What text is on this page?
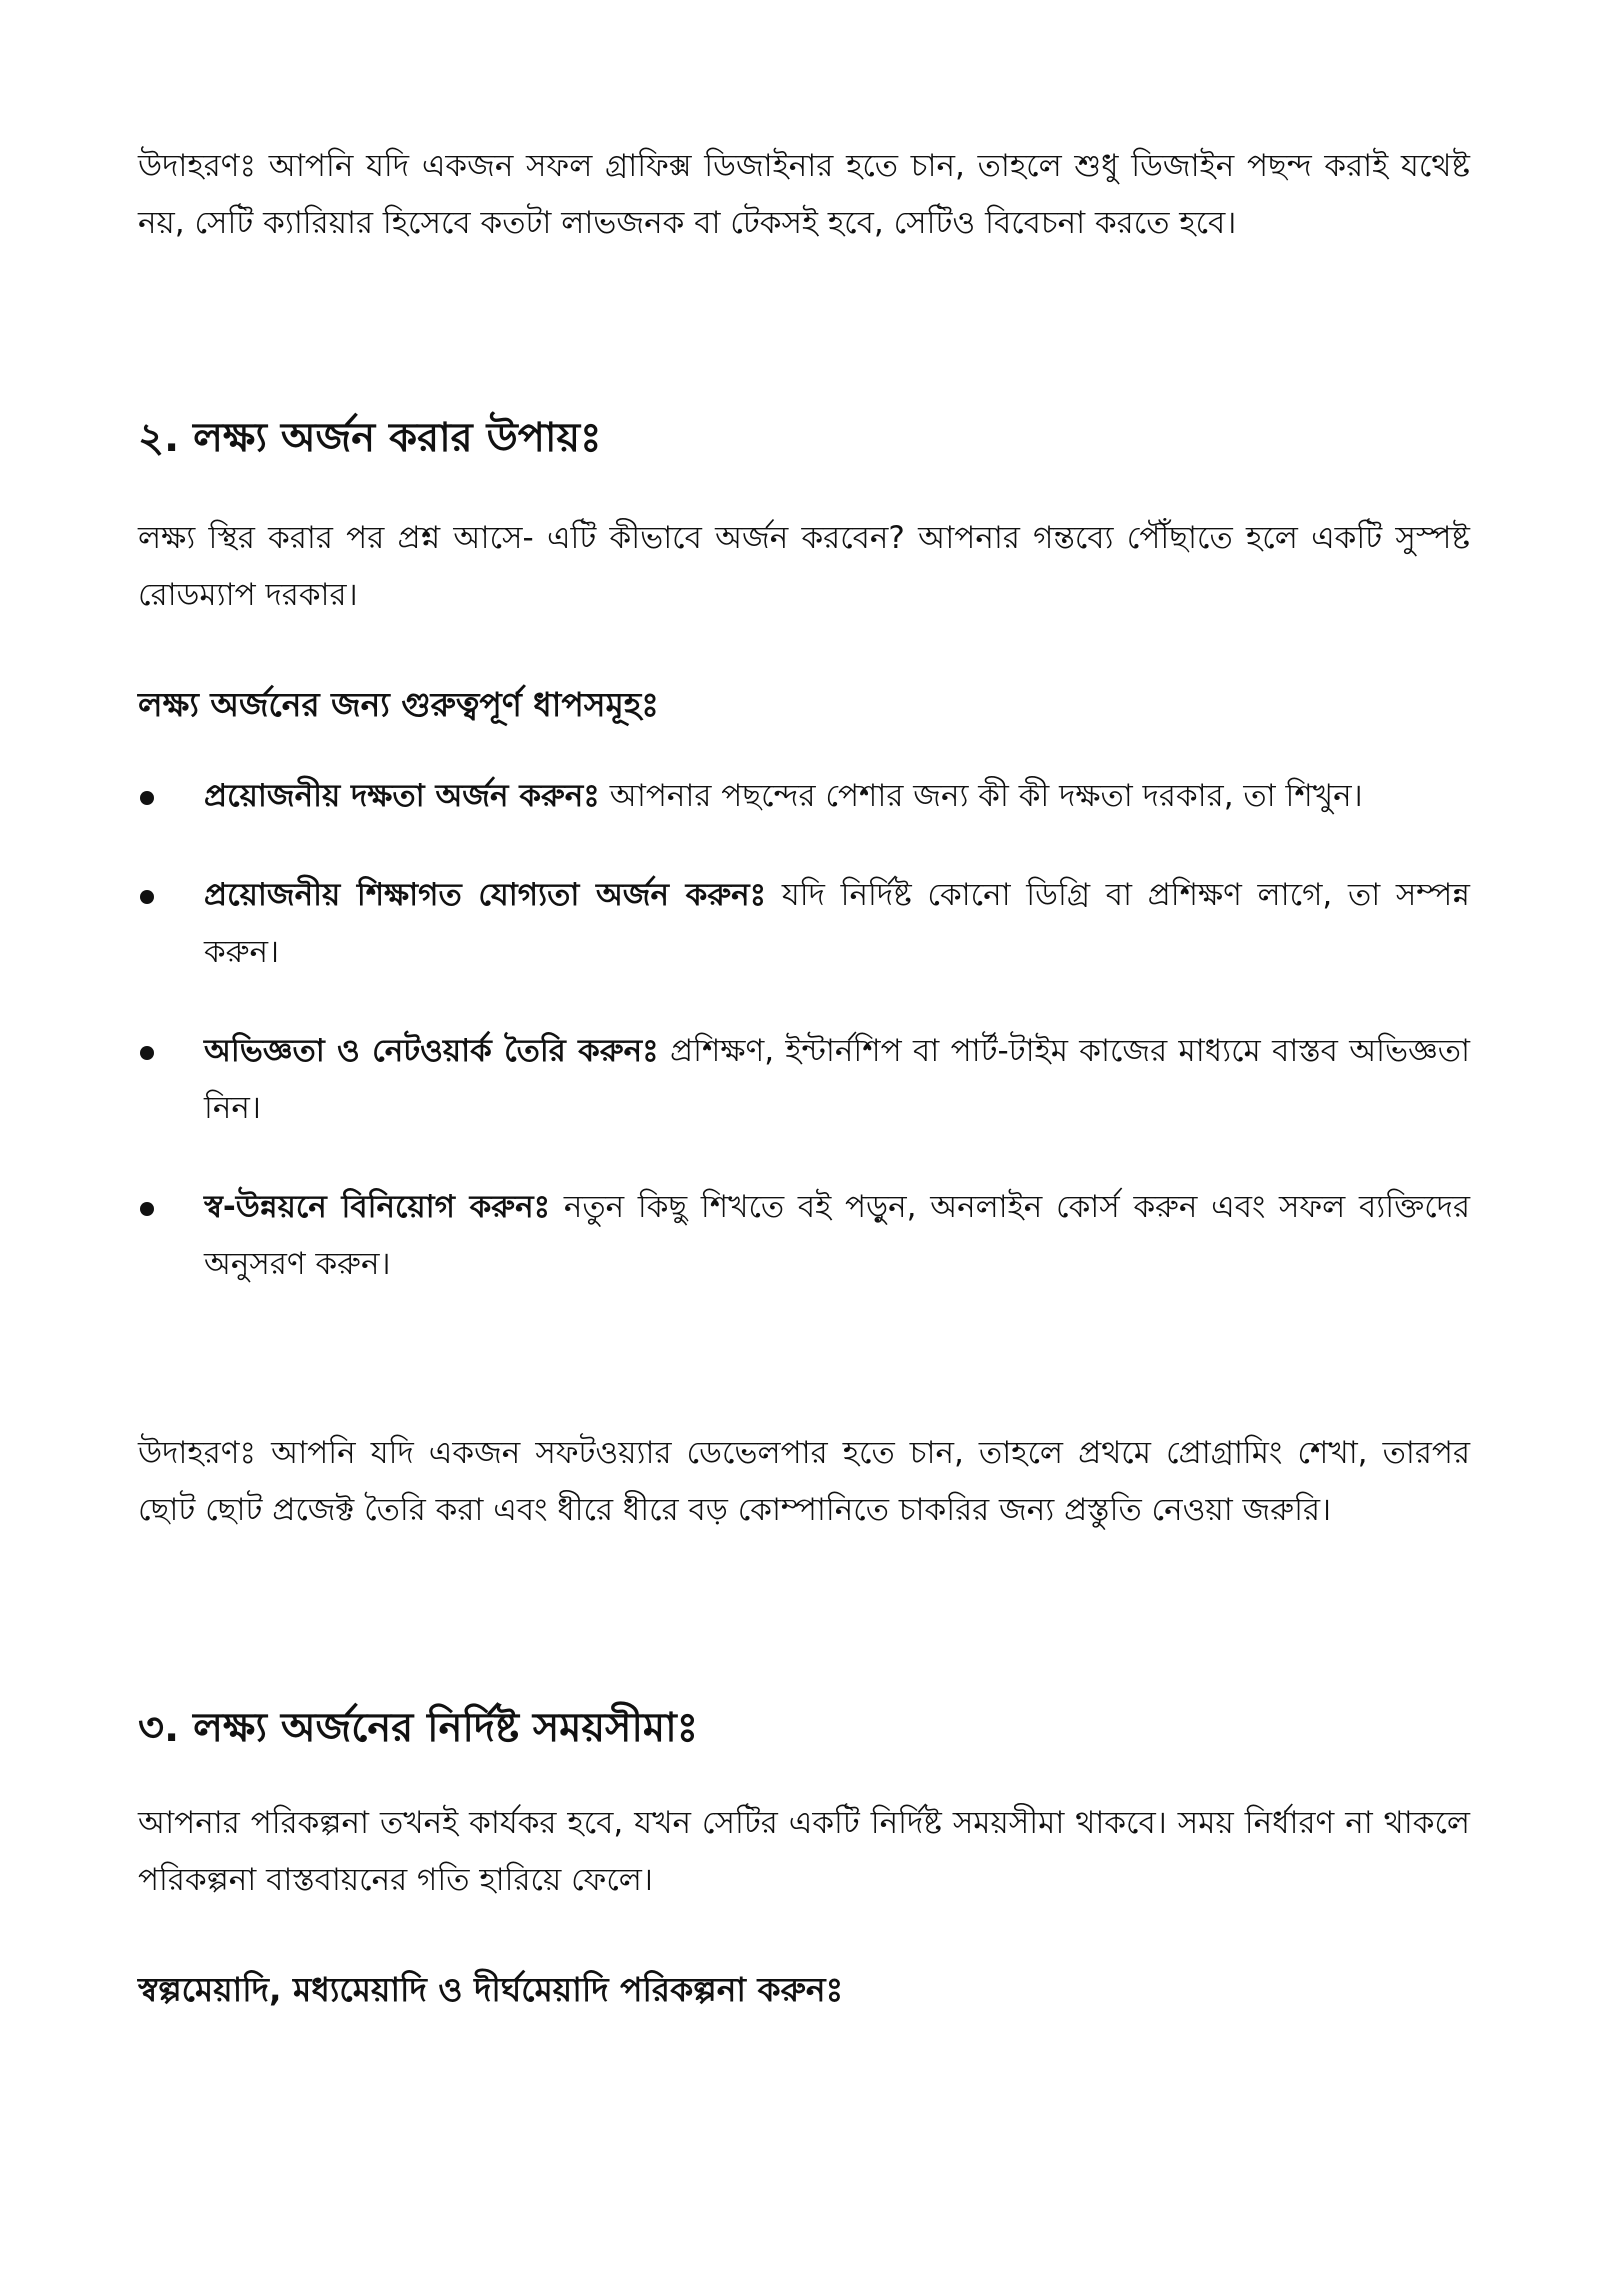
উদাহরণঃ আপনি যদি একজন সফল গ্রাফিক্স ডিজাইনার হতে চান, তাহলে শুধু ডিজাইন পছন্দ করাই যথেষ্ট নয়, সেটি ক্যারিয়ার হিসেবে কতটা লাভজনক বা টেকসই হবে, সেটিও বিবেচনা করতে হবে।

২. লক্ষ্য অর্জন করার উপায়ঃ

লক্ষ্য স্থির করার পর প্রশ্ন আসে- এটি কীভাবে অর্জন করবেন? আপনার গন্তব্যে পৌঁছাতে হলে একটি সুস্পষ্ট রোডম্যাপ দরকার।

লক্ষ্য অর্জনের জন্য গুরুত্বপূর্ণ ধাপসমূহঃ
প্রয়োজনীয় দক্ষতা অর্জন করুনঃ আপনার পছন্দের পেশার জন্য কী কী দক্ষতা দরকার, তা শিখুন।
প্রয়োজনীয় শিক্ষাগত যোগ্যতা অর্জন করুনঃ যদি নির্দিষ্ট কোনো ডিগ্রি বা প্রশিক্ষণ লাগে, তা সম্পন্ন করুন।
অভিজ্ঞতা ও নেটওয়ার্ক তৈরি করুনঃ প্রশিক্ষণ, ইন্টার্নশিপ বা পার্ট-টাইম কাজের মাধ্যমে বাস্তব অভিজ্ঞতা নিন।
স্ব-উন্নয়নে বিনিয়োগ করুনঃ নতুন কিছু শিখতে বই পড়ুন, অনলাইন কোর্স করুন এবং সফল ব্যক্তিদের অনুসরণ করুন।

উদাহরণঃ আপনি যদি একজন সফটওয়্যার ডেভেলপার হতে চান, তাহলে প্রথমে প্রোগ্রামিং শেখা, তারপর ছোট ছোট প্রজেক্ট তৈরি করা এবং ধীরে ধীরে বড় কোম্পানিতে চাকরির জন্য প্রস্তুতি নেওয়া জরুরি।

৩. লক্ষ্য অর্জনের নির্দিষ্ট সময়সীমাঃ

আপনার পরিকল্পনা তখনই কার্যকর হবে, যখন সেটির একটি নির্দিষ্ট সময়সীমা থাকবে। সময় নির্ধারণ না থাকলে পরিকল্পনা বাস্তবায়নের গতি হারিয়ে ফেলে।

স্বল্পমেয়াদি, মধ্যমেয়াদি ও দীর্ঘমেয়াদি পরিকল্পনা করুনঃ
